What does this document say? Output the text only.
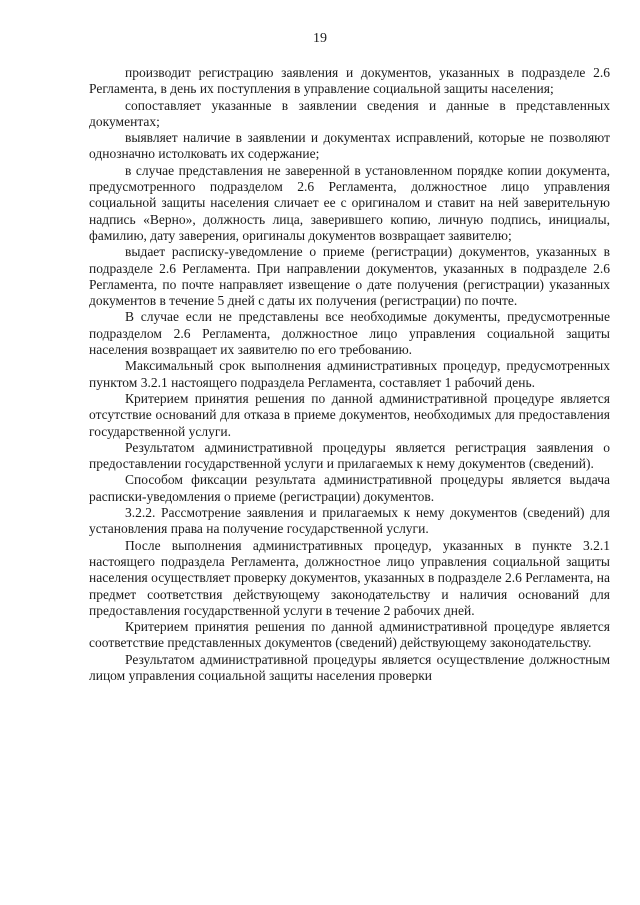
19

производит регистрацию заявления и документов, указанных в подразделе 2.6 Регламента, в день их поступления в управление социальной защиты населения;

сопоставляет указанные в заявлении сведения и данные в представленных документах;

выявляет наличие в заявлении и документах исправлений, которые не позволяют однозначно истолковать их содержание;

в случае представления не заверенной в установленном порядке копии документа, предусмотренного подразделом 2.6 Регламента, должностное лицо управления социальной защиты населения сличает ее с оригиналом и ставит на ней заверительную надпись «Верно», должность лица, заверившего копию, личную подпись, инициалы, фамилию, дату заверения, оригиналы документов возвращает заявителю;

выдает расписку-уведомление о приеме (регистрации) документов, указанных в подразделе 2.6 Регламента. При направлении документов, указанных в подразделе 2.6 Регламента, по почте направляет извещение о дате получения (регистрации) указанных документов в течение 5 дней с даты их получения (регистрации) по почте.

В случае если не представлены все необходимые документы, предусмотренные подразделом 2.6 Регламента, должностное лицо управления социальной защиты населения возвращает их заявителю по его требованию.

Максимальный срок выполнения административных процедур, предусмотренных пунктом 3.2.1 настоящего подраздела Регламента, составляет 1 рабочий день.

Критерием принятия решения по данной административной процедуре является отсутствие оснований для отказа в приеме документов, необходимых для предоставления государственной услуги.

Результатом административной процедуры является регистрация заявления о предоставлении государственной услуги и прилагаемых к нему документов (сведений).

Способом фиксации результата административной процедуры является выдача расписки-уведомления о приеме (регистрации) документов.

3.2.2. Рассмотрение заявления и прилагаемых к нему документов (сведений) для установления права на получение государственной услуги.

После выполнения административных процедур, указанных в пункте 3.2.1 настоящего подраздела Регламента, должностное лицо управления социальной защиты населения осуществляет проверку документов, указанных в подразделе 2.6 Регламента, на предмет соответствия действующему законодательству и наличия оснований для предоставления государственной услуги в течение 2 рабочих дней.

Критерием принятия решения по данной административной процедуре является соответствие представленных документов (сведений) действующему законодательству.

Результатом административной процедуры является осуществление должностным лицом управления социальной защиты населения проверки
